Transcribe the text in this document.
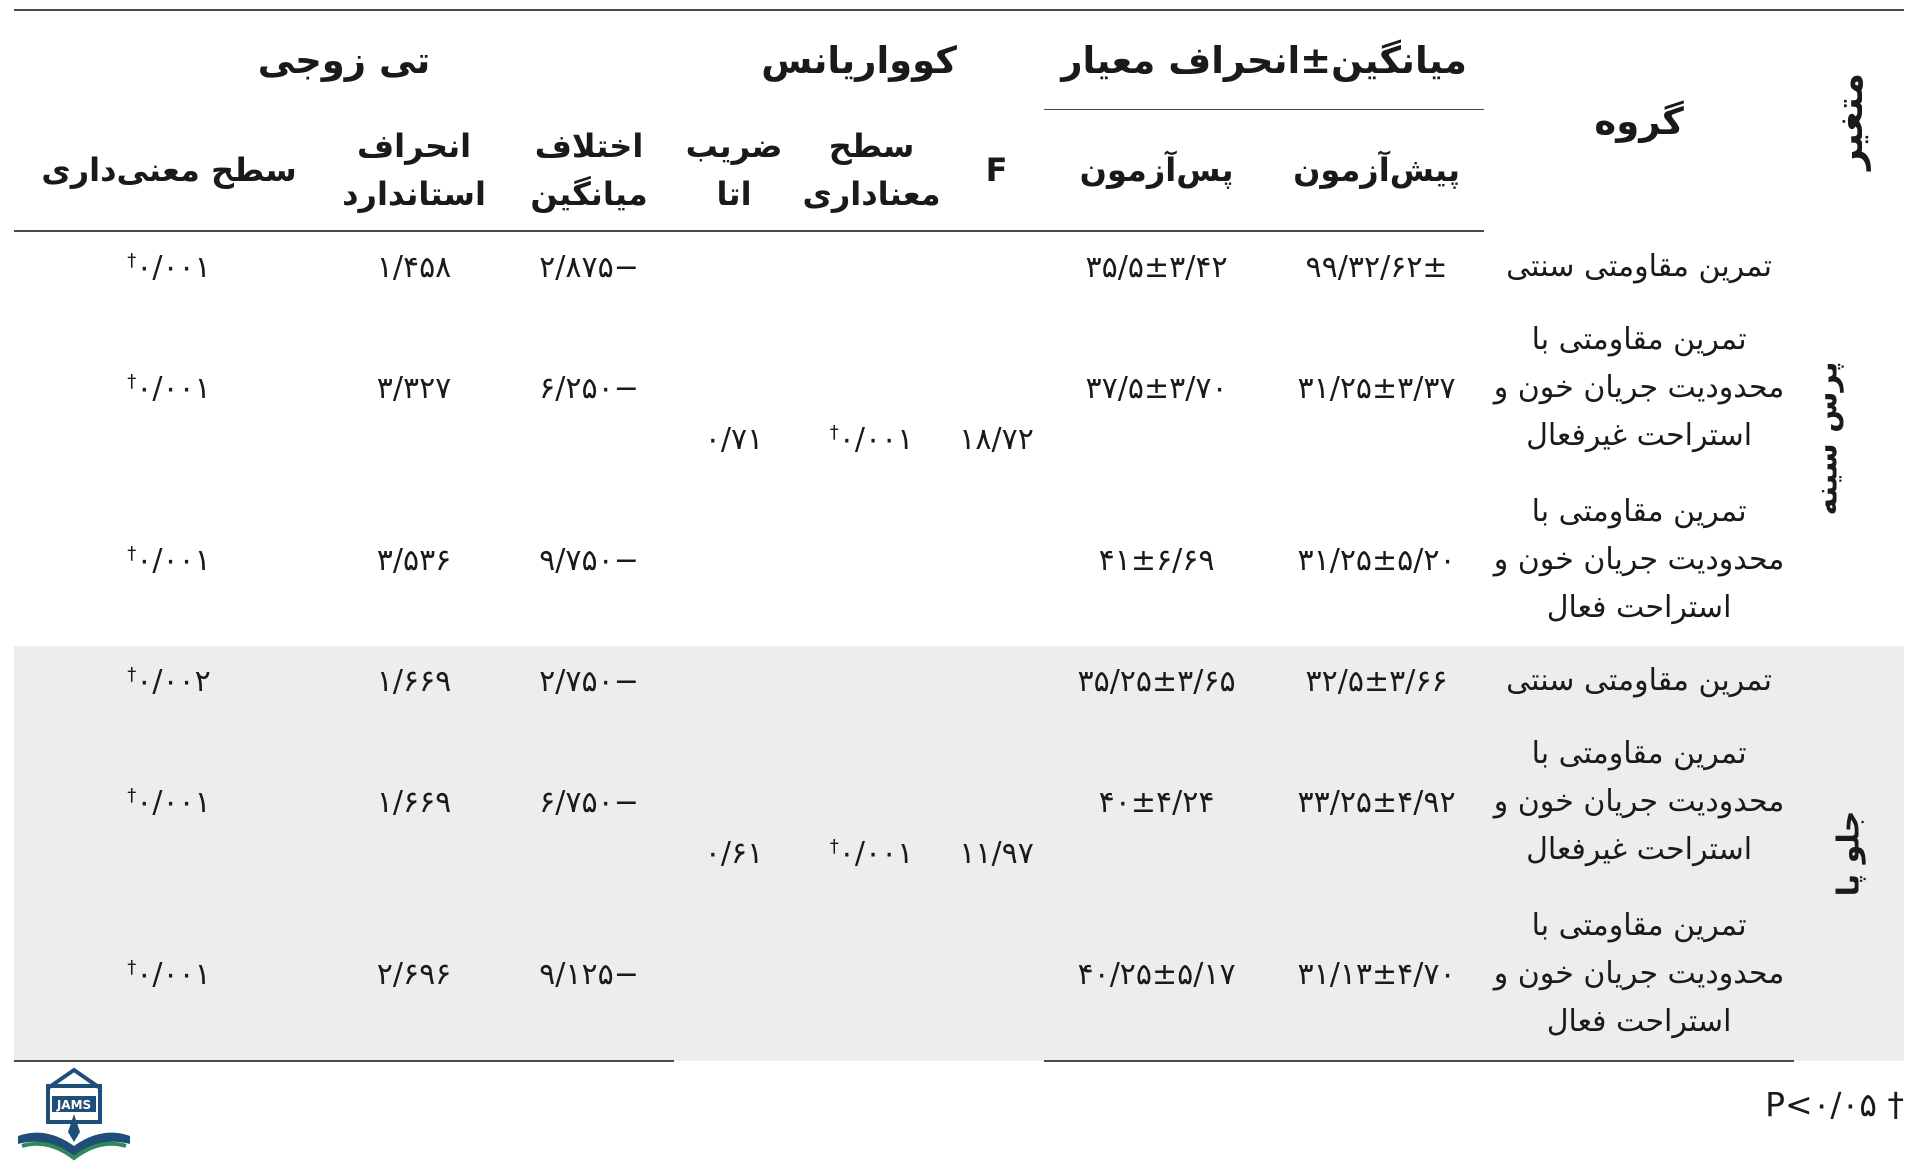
متغیر	گروه	میانگین±انحراف معیار		کوواریانس			تی زوجی		
		پیش‌آزمون	پس‌آزمون	F	سطح معناداری	ضریب اتا	اختلاف میانگین	انحراف استاندارد	سطح معنی‌داری
پرس سینه	تمرین مقاومتی سنتی	۳۲/۶۲±/۹۹	۳۵/۵±۳/۴۲	۱۸/۷۲	۰/۰۰۱†	۰/۷۱	−۲/۸۷۵	۱/۴۵۸	۰/۰۰۱†
	تمرین مقاومتی با محدودیت جریان خون و استراحت غیرفعال	۳۱/۲۵±۳/۳۷	۳۷/۵±۳/۷۰				−۶/۲۵۰	۳/۳۲۷	۰/۰۰۱†
	تمرین مقاومتی با محدودیت جریان خون و استراحت فعال	۳۱/۲۵±۵/۲۰	۴۱±۶/۶۹				−۹/۷۵۰	۳/۵۳۶	۰/۰۰۱†
جلو پا	تمرین مقاومتی سنتی	۳۲/۵±۳/۶۶	۳۵/۲۵±۳/۶۵	۱۱/۹۷	۰/۰۰۱†	۰/۶۱	−۲/۷۵۰	۱/۶۶۹	۰/۰۰۲†
	تمرین مقاومتی با محدودیت جریان خون و استراحت غیرفعال	۳۳/۲۵±۴/۹۲	۴۰±۴/۲۴				−۶/۷۵۰	۱/۶۶۹	۰/۰۰۱†
	تمرین مقاومتی با محدودیت جریان خون و استراحت فعال	۳۱/۱۳±۴/۷۰	۴۰/۲۵±۵/۱۷				−۹/۱۲۵	۲/۶۹۶	۰/۰۰۱†
JAMS	P<۰/۰۵ †
